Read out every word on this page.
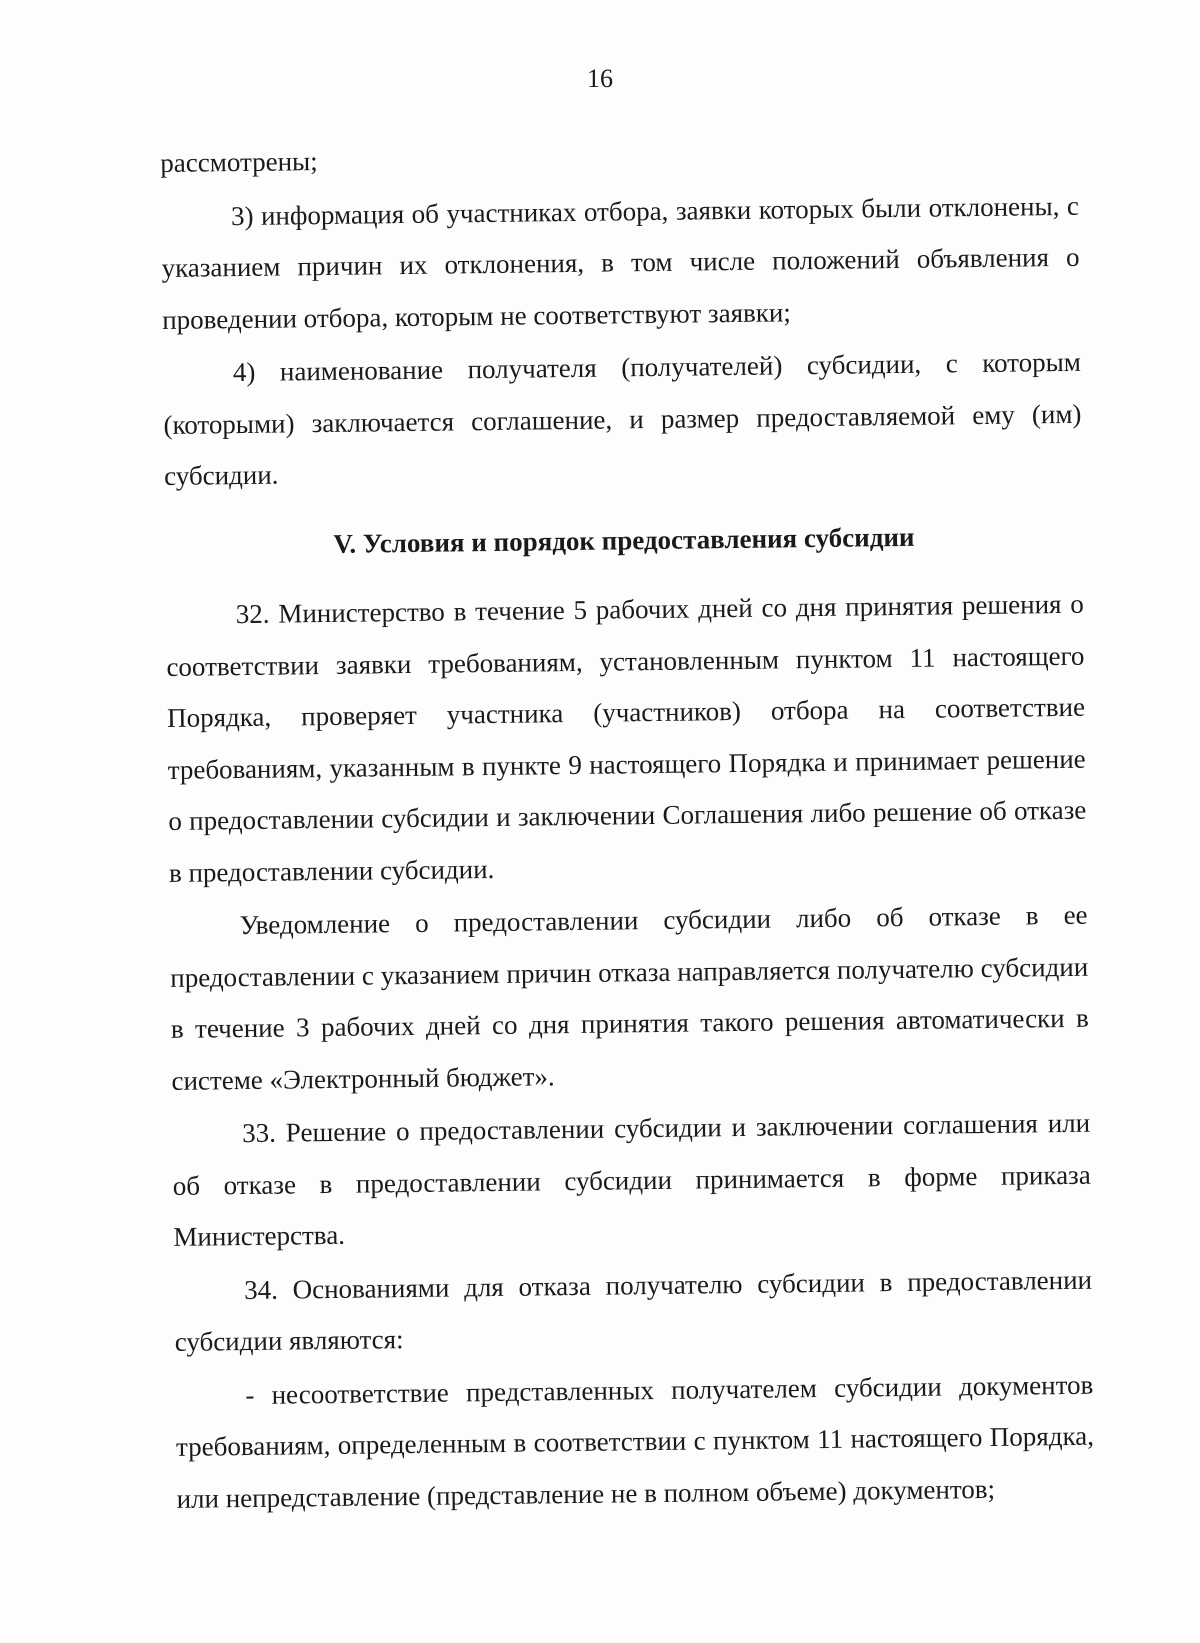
16

рассмотрены;

3) информация об участниках отбора, заявки которых были отклонены, с указанием причин их отклонения, в том числе положений объявления о проведении отбора, которым не соответствуют заявки;

4) наименование получателя (получателей) субсидии, с которым (которыми) заключается соглашение, и размер предоставляемой ему (им) субсидии.

V. Условия и порядок предоставления субсидии

32. Министерство в течение 5 рабочих дней со дня принятия решения о соответствии заявки требованиям, установленным пунктом 11 настоящего Порядка, проверяет участника (участников) отбора на соответствие требованиям, указанным в пункте 9 настоящего Порядка и принимает решение о предоставлении субсидии и заключении Соглашения либо решение об отказе в предоставлении субсидии.

Уведомление о предоставлении субсидии либо об отказе в ее предоставлении с указанием причин отказа направляется получателю субсидии в течение 3 рабочих дней со дня принятия такого решения автоматически в системе «Электронный бюджет».

33. Решение о предоставлении субсидии и заключении соглашения или об отказе в предоставлении субсидии принимается в форме приказа Министерства.

34. Основаниями для отказа получателю субсидии в предоставлении субсидии являются:

- несоответствие представленных получателем субсидии документов требованиям, определенным в соответствии с пунктом 11 настоящего Порядка, или непредставление (представление не в полном объеме) документов;
